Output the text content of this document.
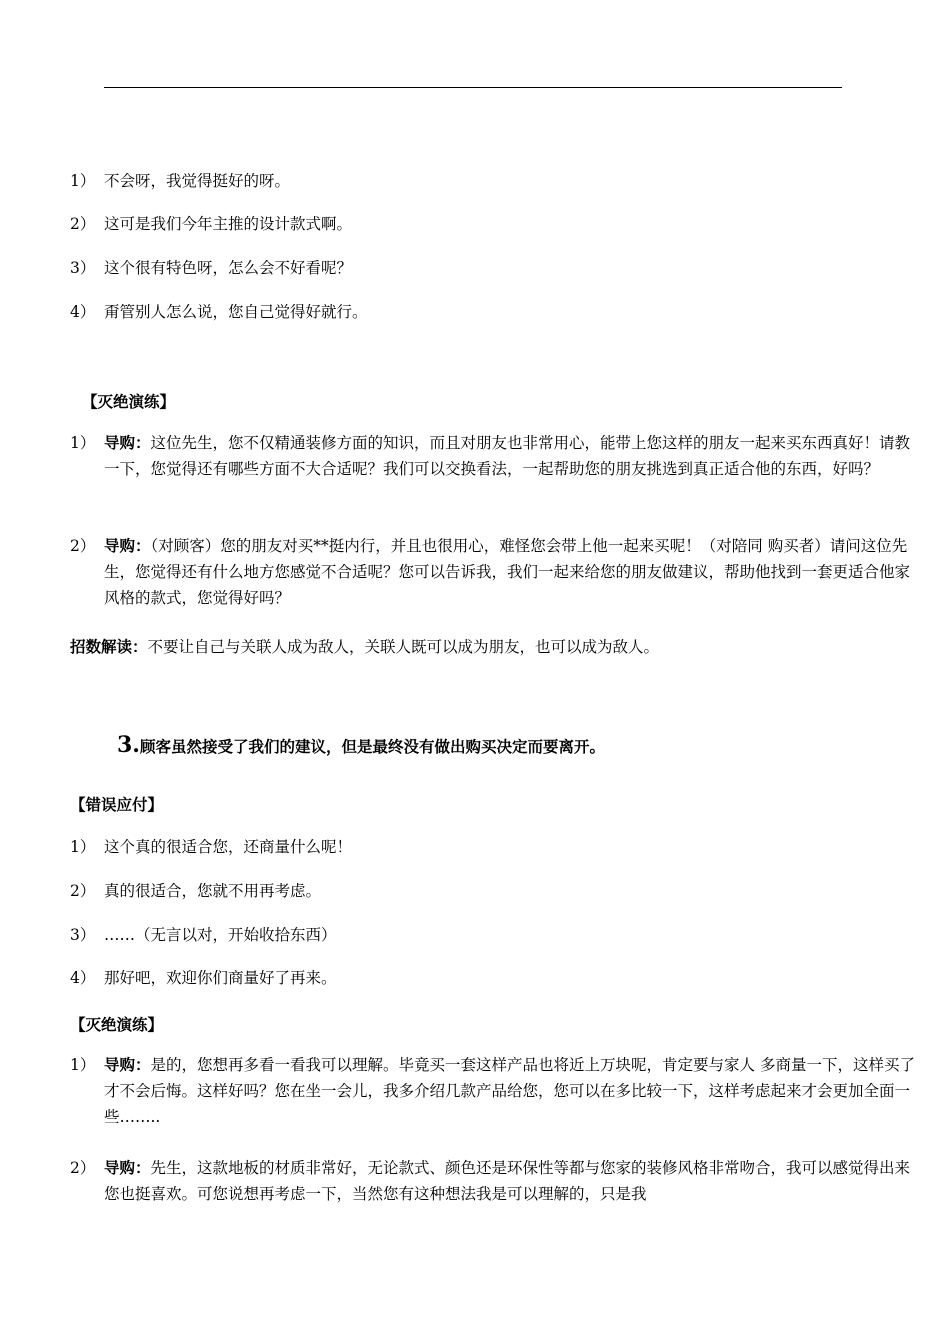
1） 不会呀，我觉得挺好的呀。
2） 这可是我们今年主推的设计款式啊。
3） 这个很有特色呀，怎么会不好看呢？
4） 甭管别人怎么说，您自己觉得好就行。
【灭绝演练】
1） 导购：这位先生，您不仅精通装修方面的知识，而且对朋友也非常用心，能带上您这样的朋友一起来买东西真好！请教一下，您觉得还有哪些方面不大合适呢？我们可以交换看法，一起帮助您的朋友挑选到真正适合他的东西，好吗？
2） 导购：（对顾客）您的朋友对买**挺内行，并且也很用心，难怪您会带上他一起来买呢！（对陪同 购买者）请问这位先生，您觉得还有什么地方您感觉不合适呢？您可以告诉我，我们一起来给您的朋友做建议，帮助他找到一套更适合他家风格的款式，您觉得好吗？
招数解读：不要让自己与关联人成为敌人，关联人既可以成为朋友，也可以成为敌人。
3.顾客虽然接受了我们的建议，但是最终没有做出购买决定而要离开。
【错误应付】
1） 这个真的很适合您，还商量什么呢！
2） 真的很适合，您就不用再考虑。
3） ……（无言以对，开始收拾东西）
4） 那好吧，欢迎你们商量好了再来。
【灭绝演练】
1） 导购：是的，您想再多看一看我可以理解。毕竟买一套这样产品也将近上万块呢，肯定要与家人 多商量一下，这样买了才不会后悔。这样好吗？您在坐一会儿，我多介绍几款产品给您，您可以在多比较一下，这样考虑起来才会更加全面一些……..
2） 导购：先生，这款地板的材质非常好，无论款式、颜色还是环保性等都与您家的装修风格非常吻合，我可以感觉得出来您也挺喜欢。可您说想再考虑一下，当然您有这种想法我是可以理解的，只是我
